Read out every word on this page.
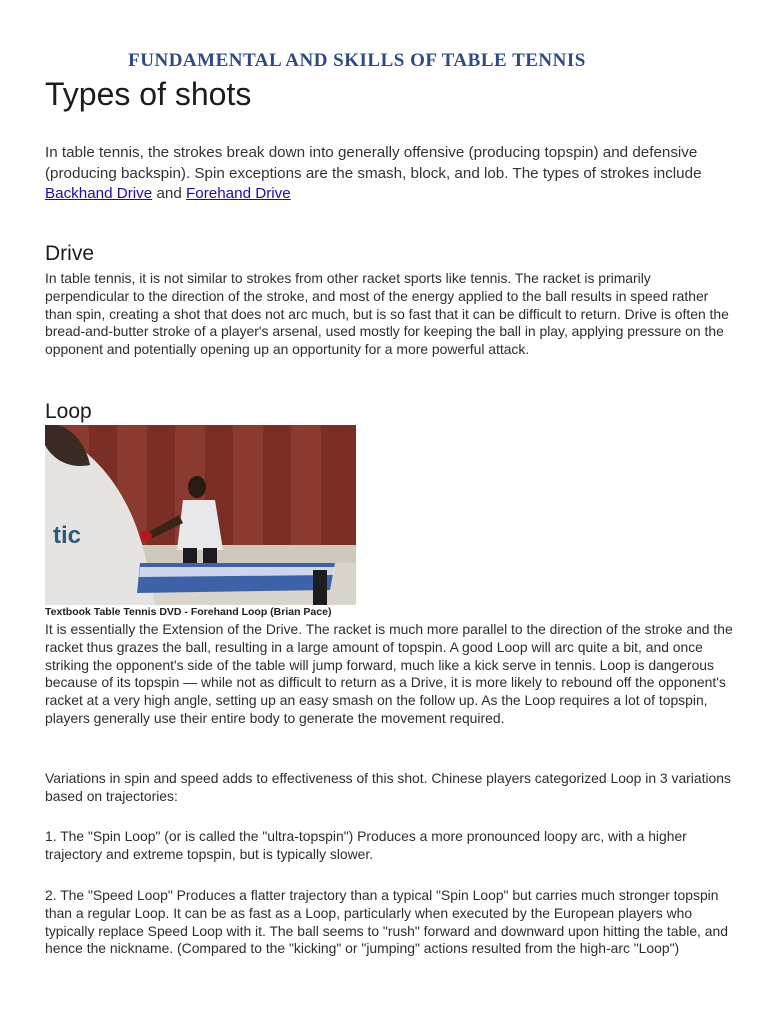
FUNDAMENTAL AND SKILLS OF TABLE TENNIS
Types of shots
In table tennis, the strokes break down into generally offensive (producing topspin) and defensive (producing backspin). Spin exceptions are the smash, block, and lob. The types of strokes include Backhand Drive and Forehand Drive
Drive
In table tennis, it is not similar to strokes from other racket sports like tennis. The racket is primarily perpendicular to the direction of the stroke, and most of the energy applied to the ball results in speed rather than spin, creating a shot that does not arc much, but is so fast that it can be difficult to return. Drive is often the bread-and-butter stroke of a player's arsenal, used mostly for keeping the ball in play, applying pressure on the opponent and potentially opening up an opportunity for a more powerful attack.
Loop
tic
Textbook Table Tennis DVD - Forehand Loop (Brian Pace)
It is essentially the Extension of the Drive. The racket is much more parallel to the direction of the stroke and the racket thus grazes the ball, resulting in a large amount of topspin. A good Loop will arc quite a bit, and once striking the opponent's side of the table will jump forward, much like a kick serve in tennis. Loop is dangerous because of its topspin — while not as difficult to return as a Drive, it is more likely to rebound off the opponent's racket at a very high angle, setting up an easy smash on the follow up. As the Loop requires a lot of topspin, players generally use their entire body to generate the movement required.
Variations in spin and speed adds to effectiveness of this shot. Chinese players categorized Loop in 3 variations based on trajectories:
1. The "Spin Loop" (or is called the "ultra-topspin") Produces a more pronounced loopy arc, with a higher trajectory and extreme topspin, but is typically slower.
2. The "Speed Loop" Produces a flatter trajectory than a typical "Spin Loop" but carries much stronger topspin than a regular Loop. It can be as fast as a Loop, particularly when executed by the European players who typically replace Speed Loop with it. The ball seems to "rush" forward and downward upon hitting the table, and hence the nickname. (Compared to the "kicking" or "jumping" actions resulted from the high-arc "Loop")
